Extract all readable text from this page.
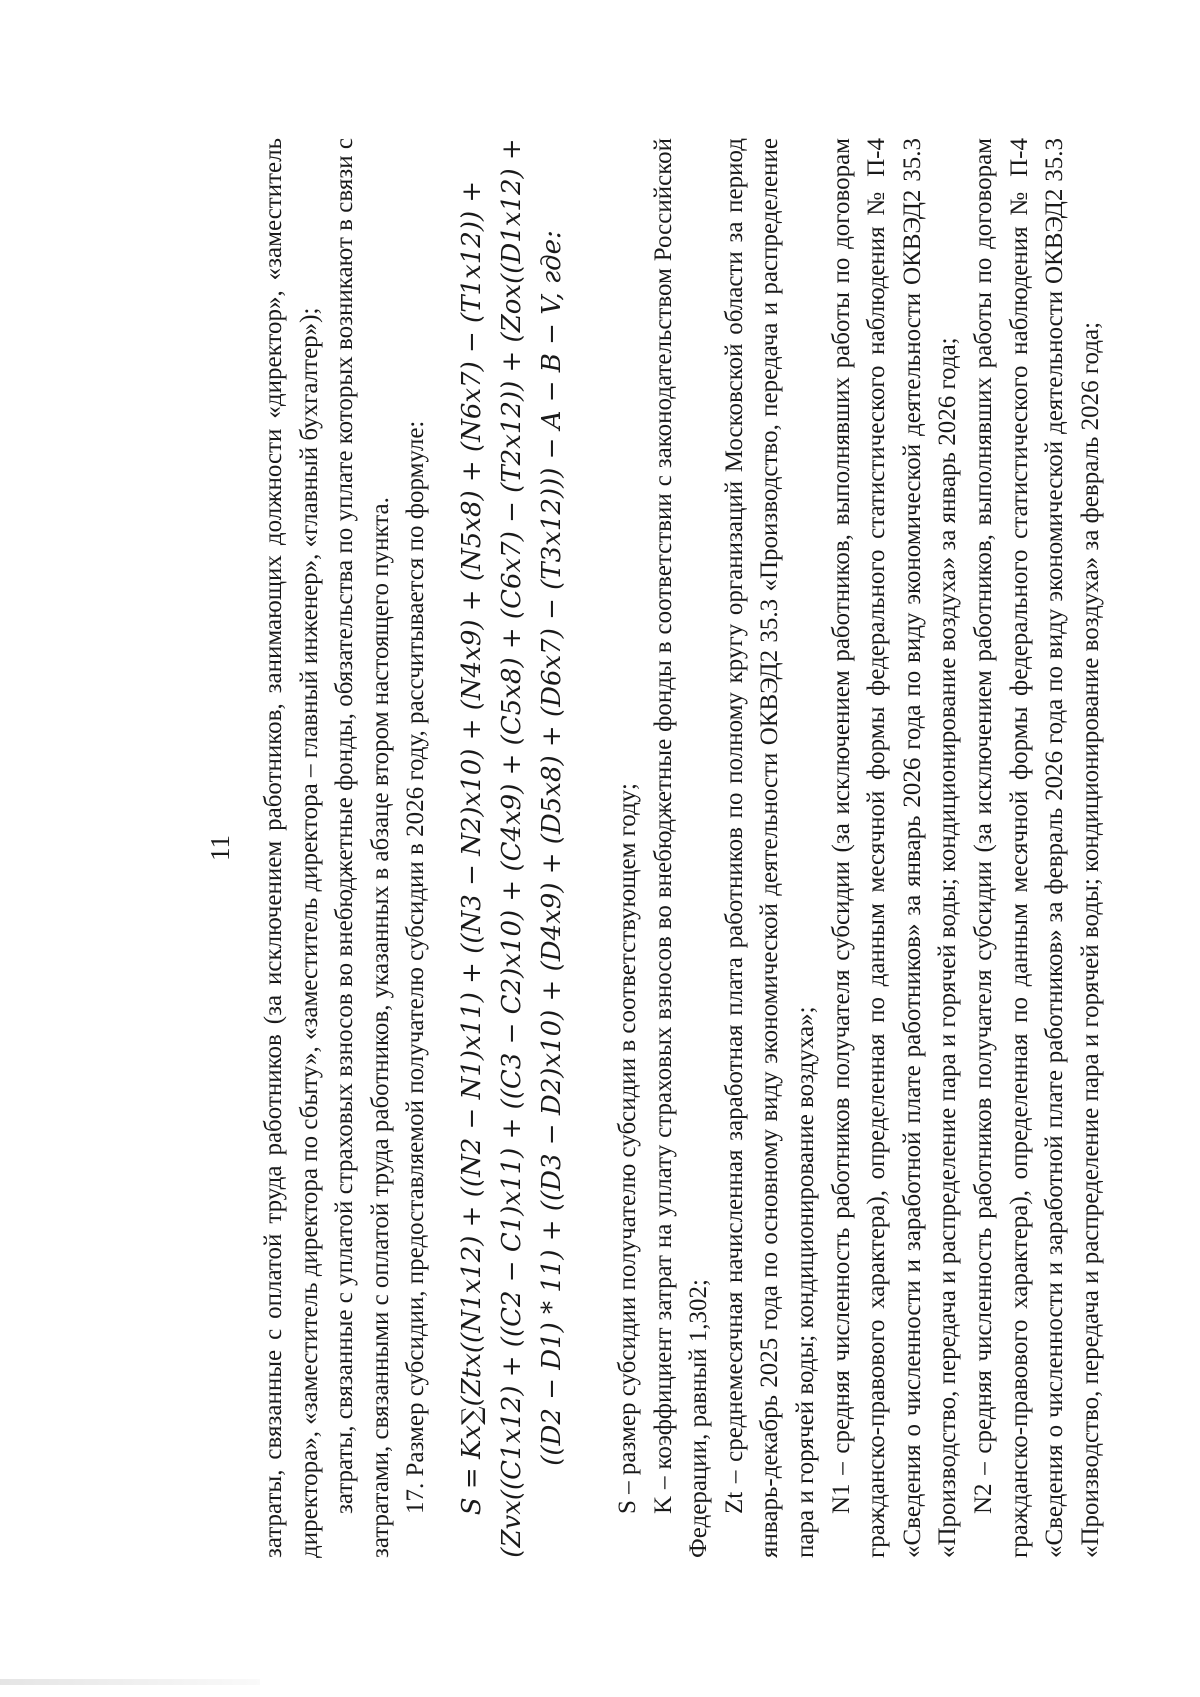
11	затраты, связанные с оплатой труда работников (за исключением работников, занимающих должности «директор», «заместитель директора», «заместитель директора по сбыту», «заместитель директора – главный инженер», «главный бухгалтер»); затраты, связанные с уплатой страховых взносов во внебюджетные фонды, обязательства по уплате которых возникают в связи с затратами, связанными с оплатой труда работников, указанных в абзаце втором настоящего пункта. 17. Размер субсидии, предоставляемой получателю субсидии в 2026 году, рассчитывается по формуле: S = Kx∑(Ztx((N1x12) + ((N2 − N1)x11) + ((N3 − N2)x10) + (N4x9) + (N5x8) + (N6x7) − (T1x12)) + (Zvx((C1x12) + ((C2 − C1)x11) + ((C3 − C2)x10) + (C4x9) + (C5x8) + (C6x7) − (T2x12)) + (Zox((D1x12) + ((D2 − D1) * 11) + ((D3 − D2)x10) + (D4x9) + (D5x8) + (D6x7) − (T3x12))) − A − B − V, где: S – размер субсидии получателю субсидии в соответствующем году; K – коэффициент затрат на уплату страховых взносов во внебюджетные фонды в соответствии с законодательством Российской Федерации, равный 1,302; Zt – среднемесячная начисленная заработная плата работников по полному кругу организаций Московской области за период январь-декабрь 2025 года по основному виду экономической деятельности ОКВЭД2 35.3 «Производство, передача и распределение пара и горячей воды; кондиционирование воздуха»; N1 – средняя численность работников получателя субсидии (за исключением работников, выполнявших работы по договорам гражданско-правового характера), определенная по данным месячной формы федерального статистического наблюдения № П-4 «Сведения о численности и заработной плате работников» за январь 2026 года по виду экономической деятельности ОКВЭД2 35.3 «Производство, передача и распределение пара и горячей воды; кондиционирование воздуха» за январь 2026 года; N2 – средняя численность работников получателя субсидии (за исключением работников, выполнявших работы по договорам гражданско-правового характера), определенная по данным месячной формы федерального статистического наблюдения № П-4 «Сведения о численности и заработной плате работников» за февраль 2026 года по виду экономической деятельности ОКВЭД2 35.3 «Производство, передача и распределение пара и горячей воды; кондиционирование воздуха» за февраль 2026 года;
